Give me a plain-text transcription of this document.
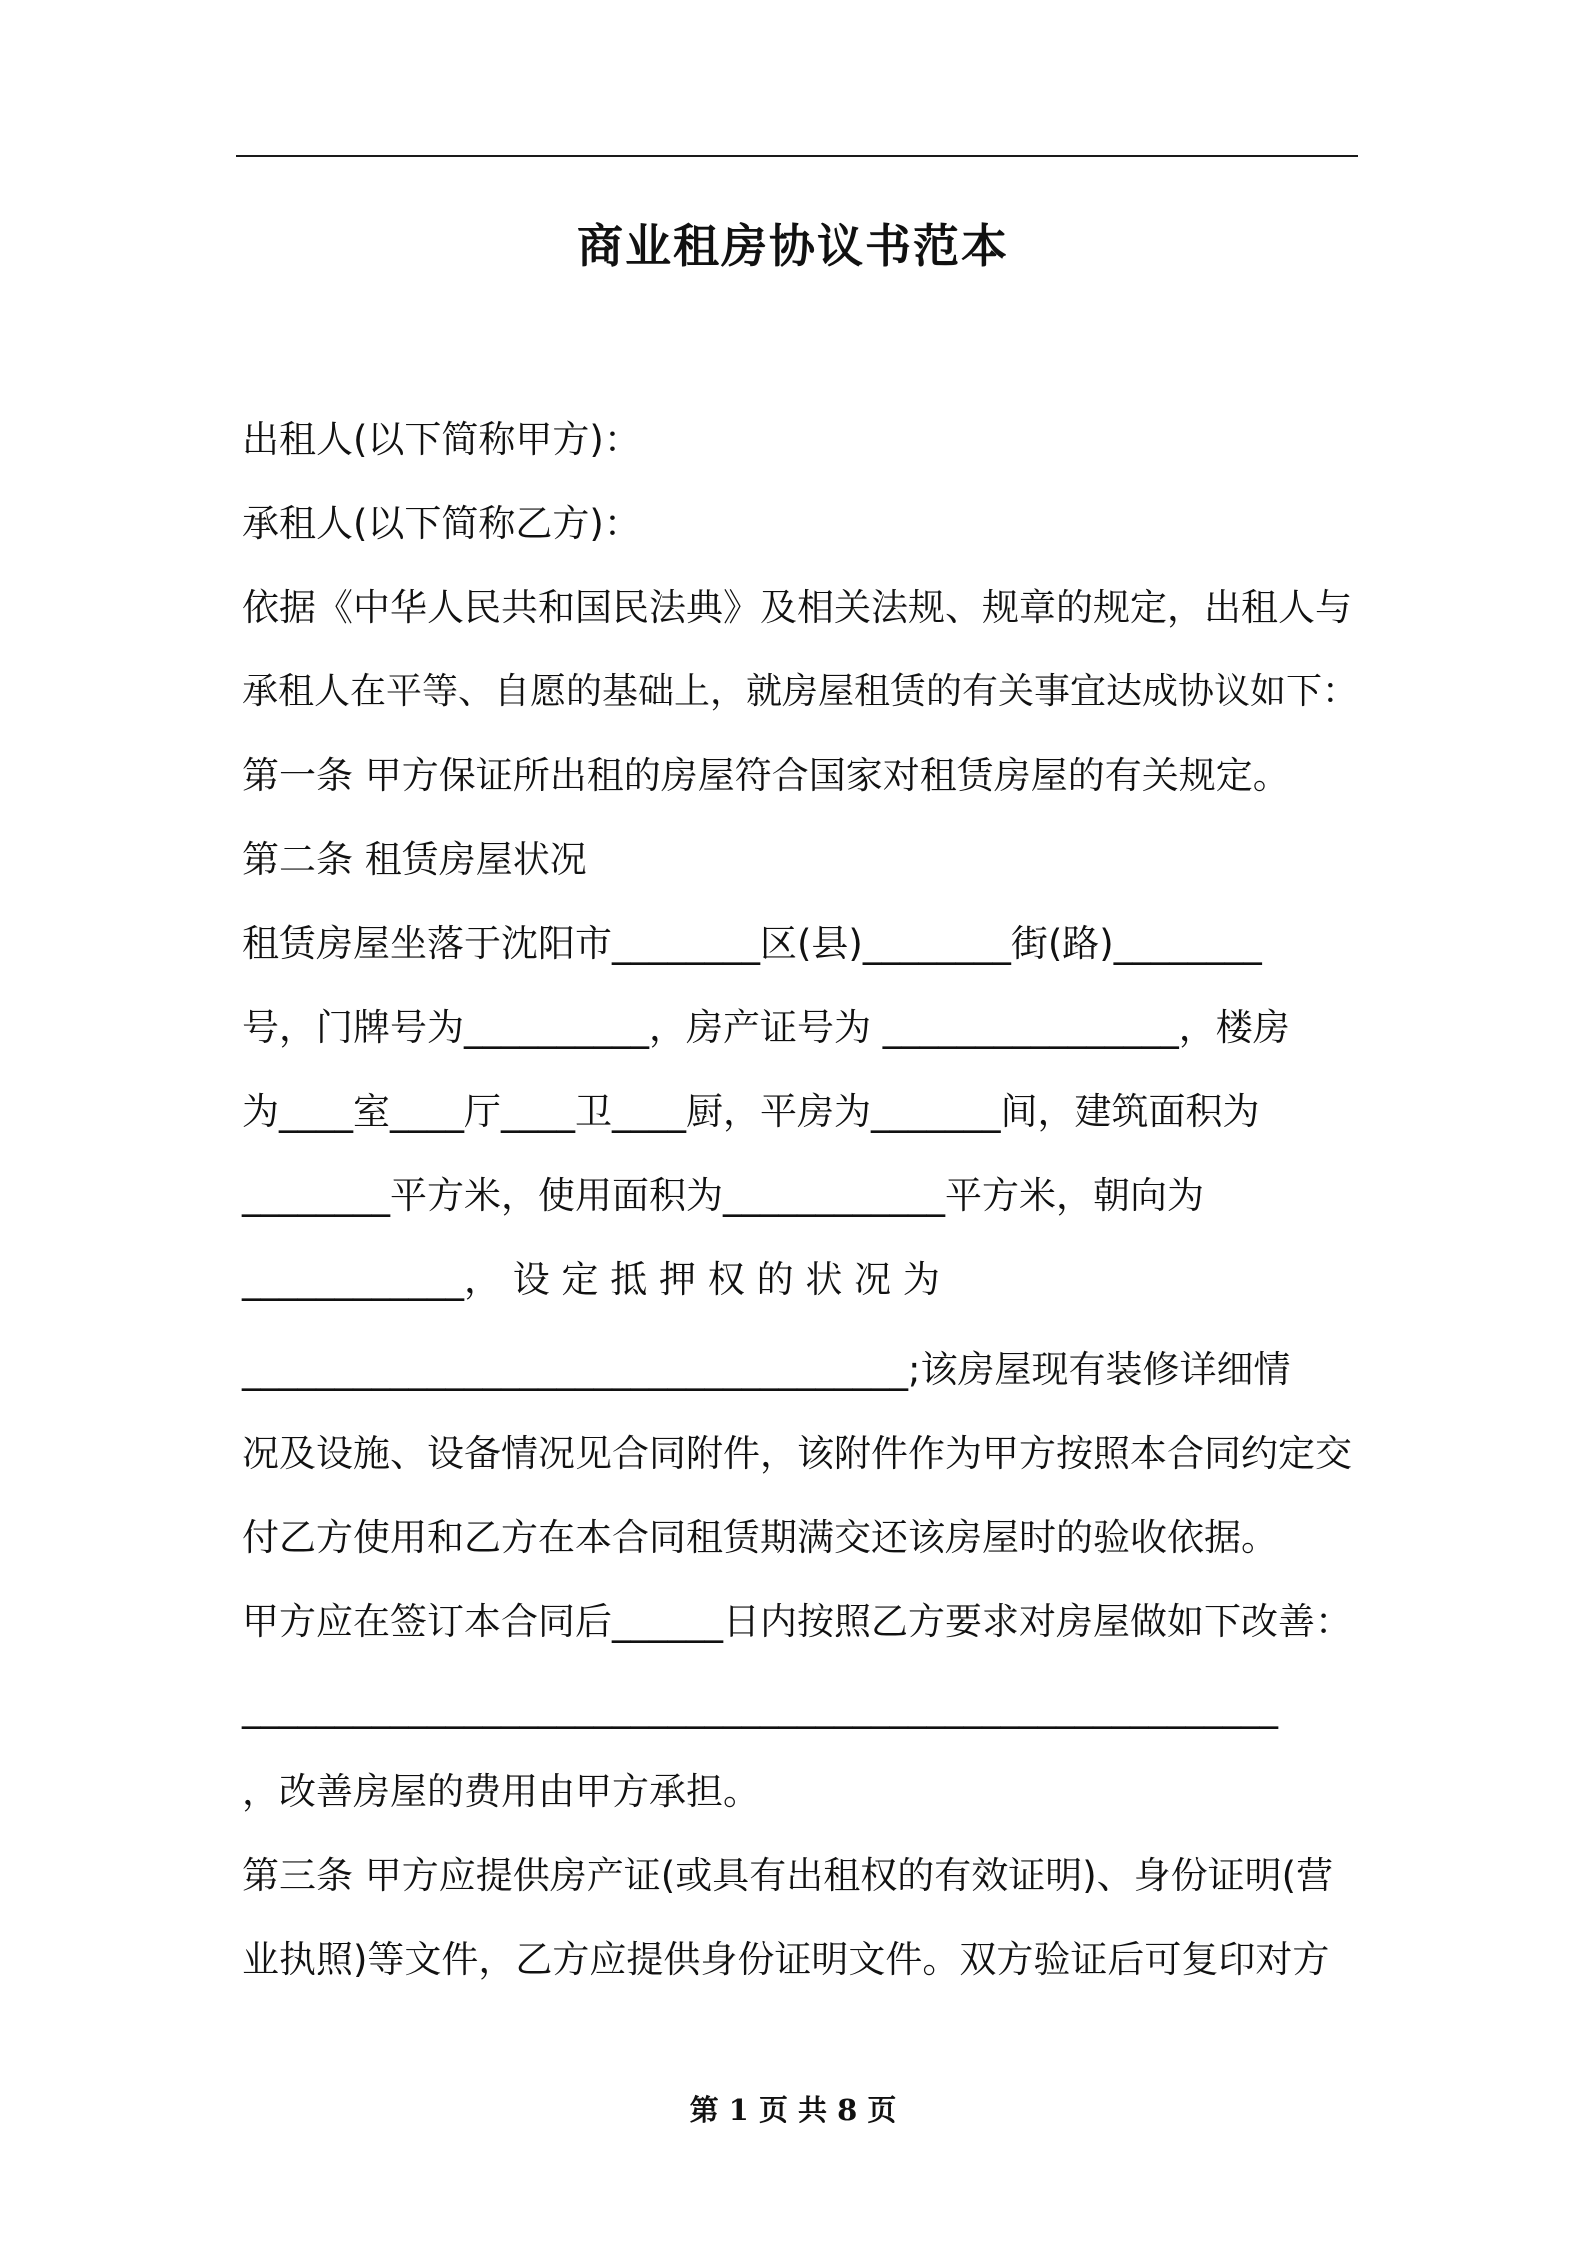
商业租房协议书范本

出租人(以下简称甲方)：

承租人(以下简称乙方)：

依据《中华人民共和国民法典》及相关法规、规章的规定，出租人与

承租人在平等、自愿的基础上，就房屋租赁的有关事宜达成协议如下：

第一条 甲方保证所出租的房屋符合国家对租赁房屋的有关规定。

第二条 租赁房屋状况

租赁房屋坐落于沈阳市________区(县)________街(路)________

号，门牌号为__________，房产证号为 ________________，楼房

为____室____厅____卫____厨，平房为_______间，建筑面积为

________平方米，使用面积为____________平方米，朝向为

____________， 设 定 抵 押 权 的 状 况 为

____________________________________;该房屋现有装修详细情

况及设施、设备情况见合同附件，该附件作为甲方按照本合同约定交

付乙方使用和乙方在本合同租赁期满交还该房屋时的验收依据。

甲方应在签订本合同后______日内按照乙方要求对房屋做如下改善：

________________________________________________________

，改善房屋的费用由甲方承担。

第三条 甲方应提供房产证(或具有出租权的有效证明)、身份证明(营

业执照)等文件，乙方应提供身份证明文件。双方验证后可复印对方

第 1 页 共 8 页
